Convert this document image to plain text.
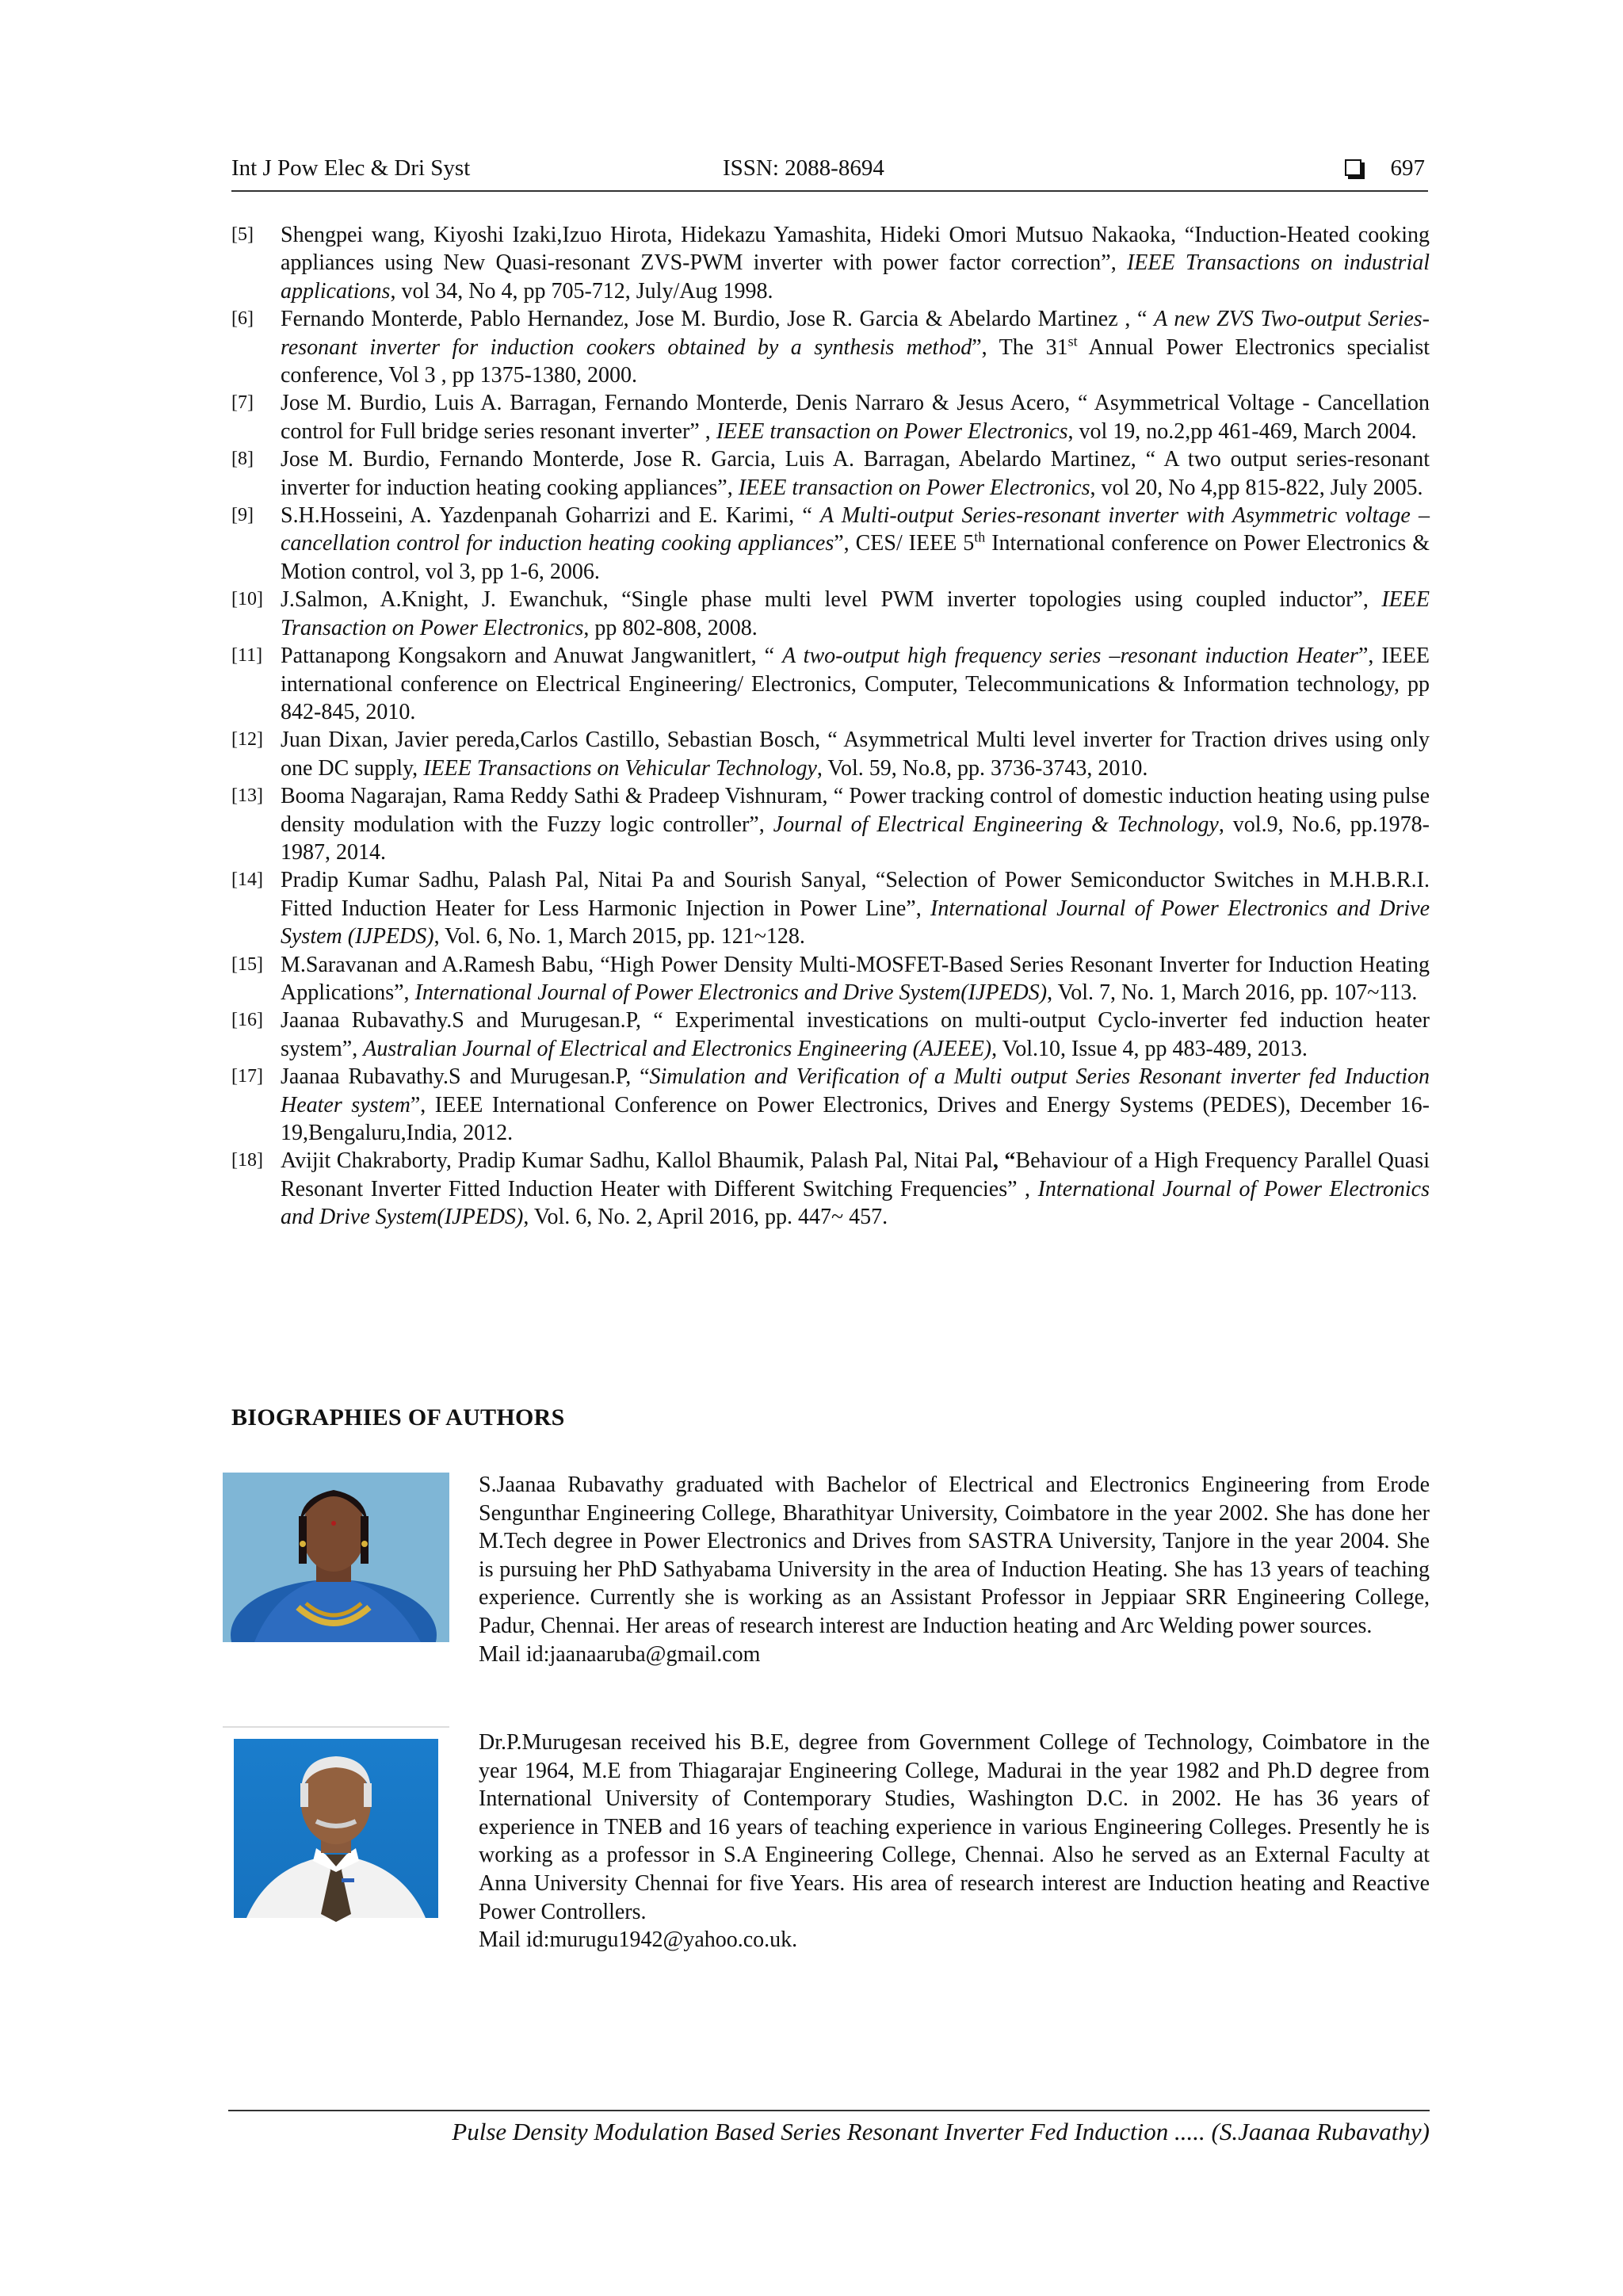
Int J Pow Elec & Dri Syst	ISSN: 2088-8694	697
[5] Shengpei wang, Kiyoshi Izaki,Izuo Hirota, Hidekazu Yamashita, Hideki Omori Mutsuo Nakaoka, “Induction-Heated cooking appliances using New Quasi-resonant ZVS-PWM inverter with power factor correction”, IEEE Transactions on industrial applications, vol 34, No 4, pp 705-712, July/Aug 1998.
[6] Fernando Monterde, Pablo Hernandez, Jose M. Burdio, Jose R. Garcia & Abelardo Martinez , “ A new ZVS Two-output Series-resonant inverter for induction cookers obtained by a synthesis method”, The 31st Annual Power Electronics specialist conference, Vol 3 , pp 1375-1380, 2000.
[7] Jose M. Burdio, Luis A. Barragan, Fernando Monterde, Denis Narraro & Jesus Acero, “ Asymmetrical Voltage - Cancellation control for Full bridge series resonant inverter” , IEEE transaction on Power Electronics, vol 19, no.2,pp 461-469, March 2004.
[8] Jose M. Burdio, Fernando Monterde, Jose R. Garcia, Luis A. Barragan, Abelardo Martinez, “ A two output series-resonant inverter for induction heating cooking appliances”, IEEE transaction on Power Electronics, vol 20, No 4,pp 815-822, July 2005.
[9] S.H.Hosseini, A. Yazdenpanah Goharrizi and E. Karimi, “ A Multi-output Series-resonant inverter with Asymmetric voltage –cancellation control for induction heating cooking appliances”, CES/ IEEE 5th International conference on Power Electronics & Motion control, vol 3, pp 1-6, 2006.
[10] J.Salmon, A.Knight, J. Ewanchuk, “Single phase multi level PWM inverter topologies using coupled inductor”, IEEE Transaction on Power Electronics, pp 802-808, 2008.
[11] Pattanapong Kongsakorn and Anuwat Jangwanitlert, “ A two-output high frequency series –resonant induction Heater”, IEEE international conference on Electrical Engineering/ Electronics, Computer, Telecommunications & Information technology, pp 842-845, 2010.
[12] Juan Dixan, Javier pereda,Carlos Castillo, Sebastian Bosch, “ Asymmetrical Multi level inverter for Traction drives using only one DC supply, IEEE Transactions on Vehicular Technology, Vol. 59, No.8, pp. 3736-3743, 2010.
[13] Booma Nagarajan, Rama Reddy Sathi & Pradeep Vishnuram, “ Power tracking control of domestic induction heating using pulse density modulation with the Fuzzy logic controller”, Journal of Electrical Engineering & Technology, vol.9, No.6, pp.1978-1987, 2014.
[14] Pradip Kumar Sadhu, Palash Pal, Nitai Pa and Sourish Sanyal, “Selection of Power Semiconductor Switches in M.H.B.R.I. Fitted Induction Heater for Less Harmonic Injection in Power Line”, International Journal of Power Electronics and Drive System (IJPEDS), Vol. 6, No. 1, March 2015, pp. 121~128.
[15] M.Saravanan and A.Ramesh Babu, “High Power Density Multi-MOSFET-Based Series Resonant Inverter for Induction Heating Applications”, International Journal of Power Electronics and Drive System(IJPEDS), Vol. 7, No. 1, March 2016, pp. 107~113.
[16] Jaanaa Rubavathy.S and Murugesan.P, “ Experimental investications on multi-output Cyclo-inverter fed induction heater system”, Australian Journal of Electrical and Electronics Engineering (AJEEE), Vol.10, Issue 4, pp 483-489, 2013.
[17] Jaanaa Rubavathy.S and Murugesan.P, “Simulation and Verification of a Multi output Series Resonant inverter fed Induction Heater system”, IEEE International Conference on Power Electronics, Drives and Energy Systems (PEDES), December 16-19,Bengaluru,India, 2012.
[18] Avijit Chakraborty, Pradip Kumar Sadhu, Kallol Bhaumik, Palash Pal, Nitai Pal, “Behaviour of a High Frequency Parallel Quasi Resonant Inverter Fitted Induction Heater with Different Switching Frequencies” , International Journal of Power Electronics and Drive System(IJPEDS), Vol. 6, No. 2, April 2016, pp. 447~ 457.
BIOGRAPHIES OF AUTHORS

S.Jaanaa Rubavathy graduated with Bachelor of Electrical and Electronics Engineering from Erode Sengunthar Engineering College, Bharathityar University, Coimbatore in the year 2002. She has done her M.Tech degree in Power Electronics and Drives from SASTRA University, Tanjore in the year 2004. She is pursuing her PhD Sathyabama University in the area of Induction Heating. She has 13 years of teaching experience. Currently she is working as an Assistant Professor in Jeppiaar SRR Engineering College, Padur, Chennai. Her areas of research interest are Induction heating and Arc Welding power sources.
Mail id:jaanaaruba@gmail.com

Dr.P.Murugesan received his B.E, degree from Government College of Technology, Coimbatore in the year 1964, M.E from Thiagarajar Engineering College, Madurai in the year 1982 and Ph.D degree from International University of Contemporary Studies, Washington D.C. in 2002. He has 36 years of experience in TNEB and 16 years of teaching experience in various Engineering Colleges. Presently he is working as a professor in S.A Engineering College, Chennai. Also he served as an External Faculty at Anna University Chennai for five Years. His area of research interest are Induction heating and Reactive Power Controllers.
Mail id:murugu1942@yahoo.co.uk.

Pulse Density Modulation Based Series Resonant Inverter Fed Induction ..... (S.Jaanaa Rubavathy)
